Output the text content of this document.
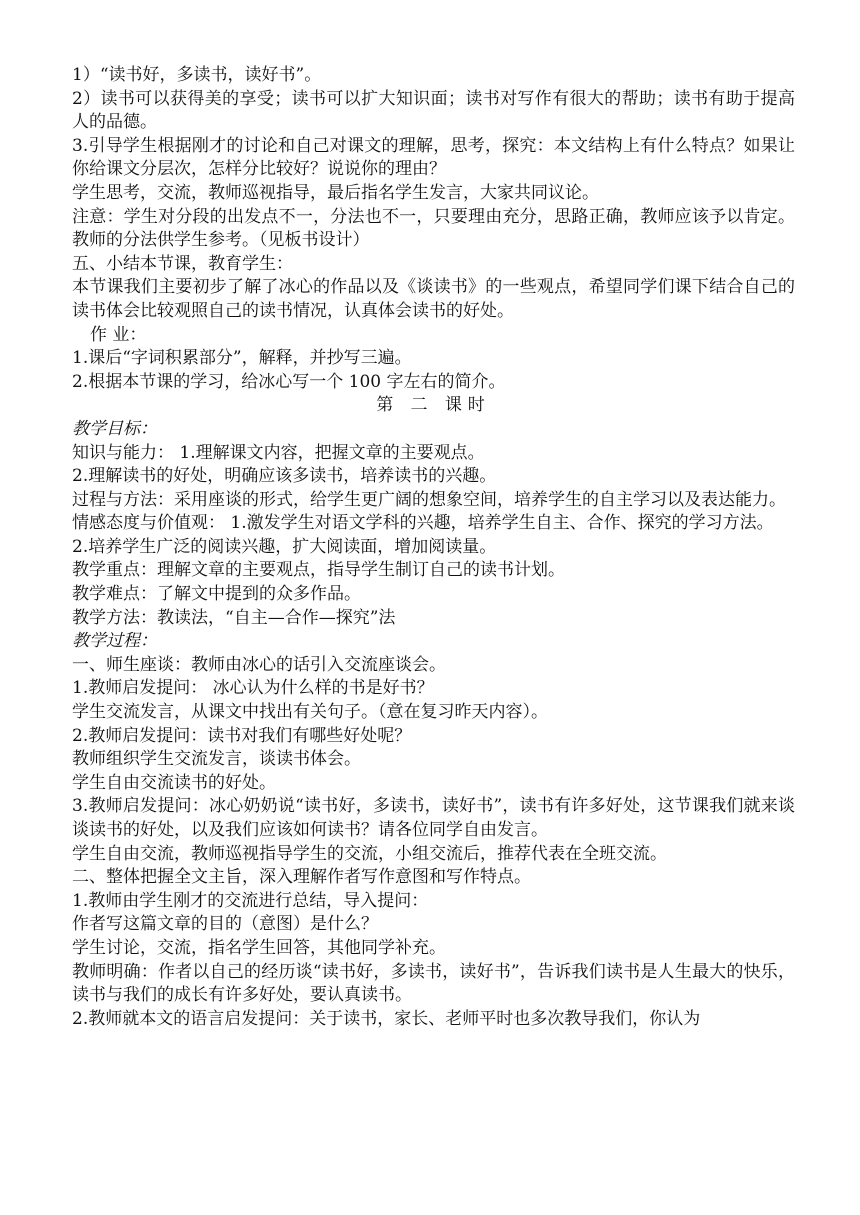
1）“读书好，多读书，读好书”。

2）读书可以获得美的享受；读书可以扩大知识面；读书对写作有很大的帮助；读书有助于提高人的品德。

3.引导学生根据刚才的讨论和自己对课文的理解，思考，探究：本文结构上有什么特点？如果让你给课文分层次，怎样分比较好？说说你的理由？

学生思考，交流，教师巡视指导，最后指名学生发言，大家共同议论。

注意：学生对分段的出发点不一，分法也不一，只要理由充分，思路正确，教师应该予以肯定。教师的分法供学生参考。（见板书设计）

五、小结本节课，教育学生：

本节课我们主要初步了解了冰心的作品以及《谈读书》的一些观点，希望同学们课下结合自己的读书体会比较观照自己的读书情况，认真体会读书的好处。

作 业：

1.课后“字词积累部分”，解释，并抄写三遍。

2.根据本节课的学习，给冰心写一个 100 字左右的简介。

第 二 课时

教学目标：

知识与能力： 1.理解课文内容，把握文章的主要观点。

2.理解读书的好处，明确应该多读书，培养读书的兴趣。

过程与方法：采用座谈的形式，给学生更广阔的想象空间，培养学生的自主学习以及表达能力。

情感态度与价值观： 1.激发学生对语文学科的兴趣，培养学生自主、合作、探究的学习方法。

2.培养学生广泛的阅读兴趣，扩大阅读面，增加阅读量。

教学重点：理解文章的主要观点，指导学生制订自己的读书计划。

教学难点：了解文中提到的众多作品。

教学方法：教读法，“自主—合作—探究”法

教学过程：

一、师生座谈：教师由冰心的话引入交流座谈会。

1.教师启发提问： 冰心认为什么样的书是好书？

学生交流发言，从课文中找出有关句子。（意在复习昨天内容）。

2.教师启发提问：读书对我们有哪些好处呢？

教师组织学生交流发言，谈读书体会。

学生自由交流读书的好处。

3.教师启发提问：冰心奶奶说“读书好，多读书，读好书”，读书有许多好处，这节课我们就来谈谈读书的好处，以及我们应该如何读书？请各位同学自由发言。

学生自由交流，教师巡视指导学生的交流，小组交流后，推荐代表在全班交流。

二、整体把握全文主旨，深入理解作者写作意图和写作特点。

1.教师由学生刚才的交流进行总结，导入提问：

作者写这篇文章的目的（意图）是什么？

学生讨论，交流，指名学生回答，其他同学补充。

教师明确：作者以自己的经历谈“读书好，多读书，读好书”，告诉我们读书是人生最大的快乐，读书与我们的成长有许多好处，要认真读书。

2.教师就本文的语言启发提问：关于读书，家长、老师平时也多次教导我们，你认为
